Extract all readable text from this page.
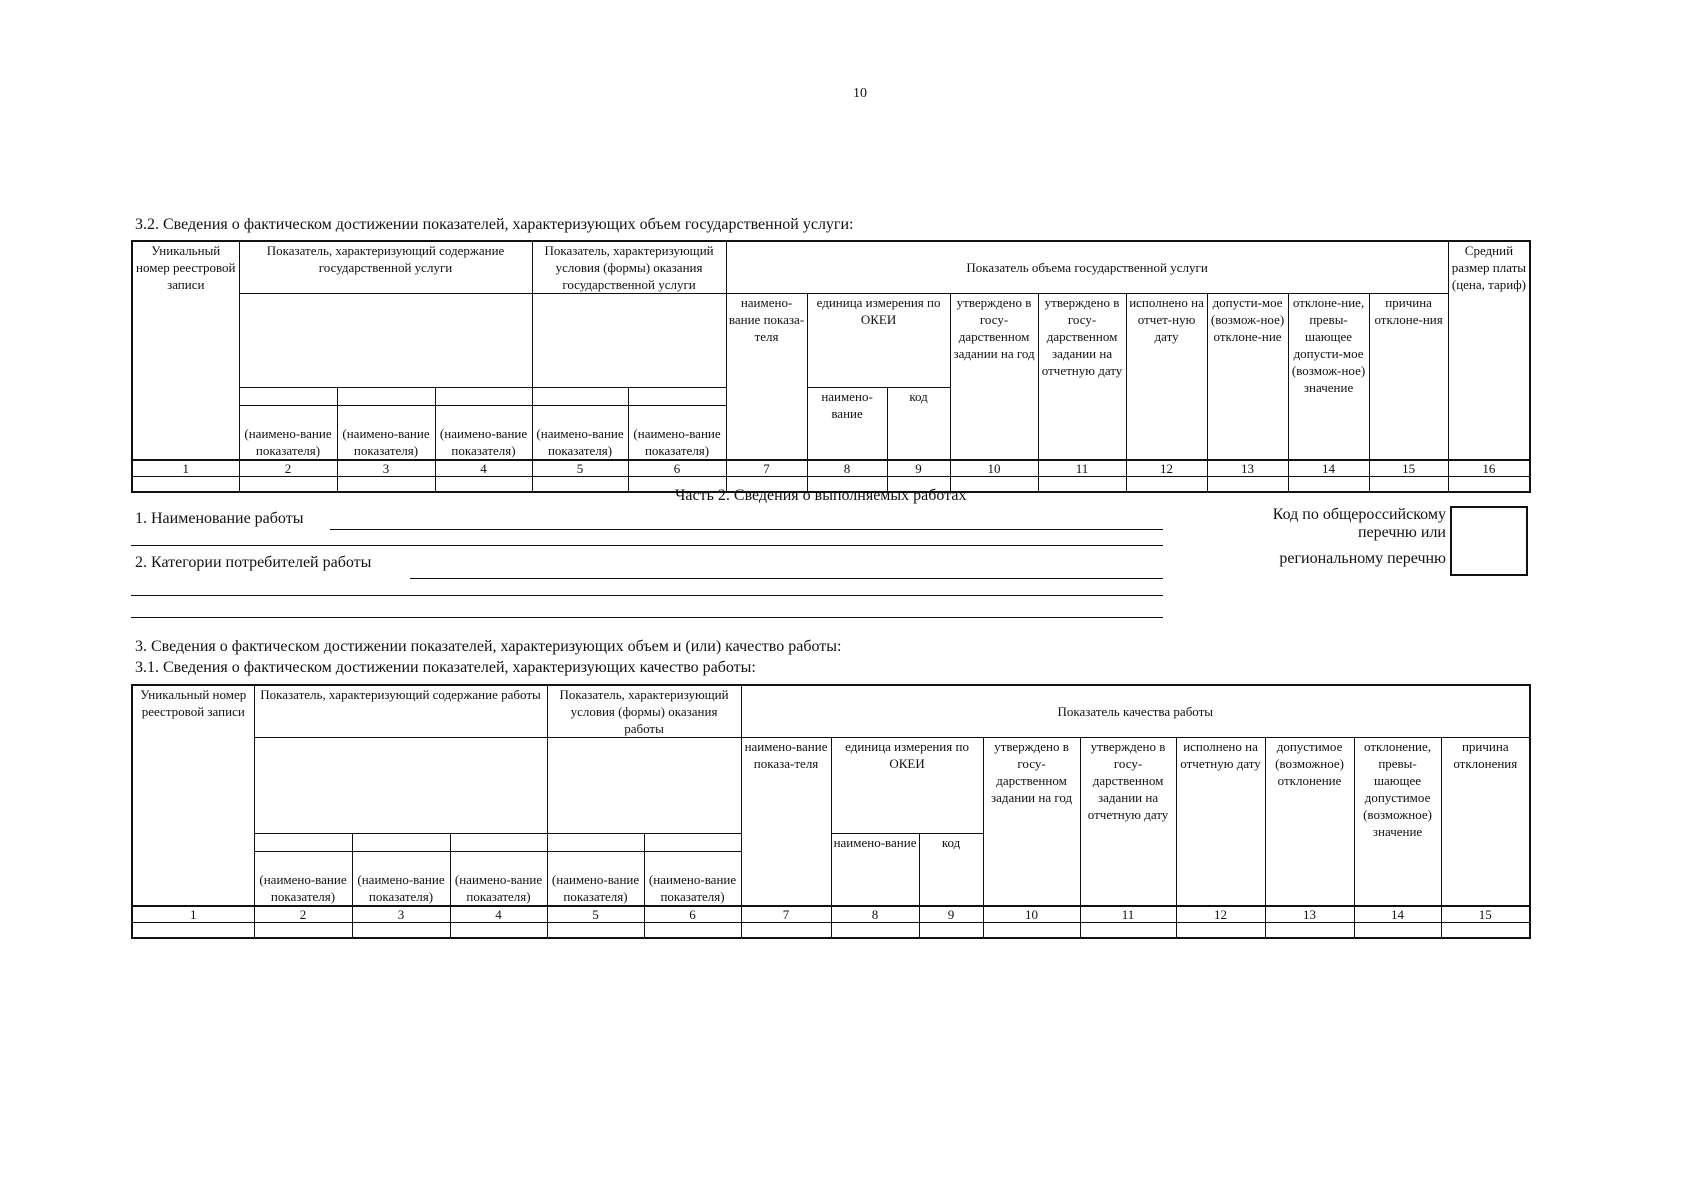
10
3.2. Сведения о фактическом достижении показателей, характеризующих объем государственной услуги:
Уникальный номер реестровой записи	Показатель, характеризующий содержание государственной услуги			Показатель, характеризующий условия (формы) оказания государственной услуги		Показатель объема государственной услуги									Средний размер платы (цена, тариф)
						наимено-вание показа-теля	единица измерения по ОКЕИ		утверждено в госу-дарственном задании на год	утверждено в госу-дарственном задании на отчетную дату	исполнено на отчет-ную дату	допусти-мое (возмож-ное) отклоне-ние	отклоне-ние, превы-шающее допусти-мое (возмож-ное) значение	причина отклоне-ния	
							наимено-вание	код							
	(наимено-вание показателя)	(наимено-вание показателя)	(наимено-вание показателя)	(наимено-вание показателя)	(наимено-вание показателя)										
1	2	3	4	5	6	7	8	9	10	11	12	13	14	15	16

Часть 2. Сведения о выполняемых работах
1. Наименование работы
2. Категории потребителей работы
Код по общероссийскому
перечню или
региональному перечню
3. Сведения о фактическом достижении показателей, характеризующих объем и (или) качество работы:
3.1. Сведения о фактическом достижении показателей, характеризующих качество работы:
Уникальный номер реестровой записи	Показатель, характеризующий содержание работы			Показатель, характеризующий условия (формы) оказания работы		Показатель качества работы								
						наимено-вание показа-теля	единица измерения по ОКЕИ		утверждено в госу-дарственном задании на год	утверждено в госу-дарственном задании на отчетную дату	исполнено на отчетную дату	допустимое (возможное) отклонение	отклонение, превы-шающее допустимое (возможное) значение	причина отклонения
							наимено-вание	код						
	(наимено-вание показателя)	(наимено-вание показателя)	(наимено-вание показателя)	(наимено-вание показателя)	(наимено-вание показателя)									
1	2	3	4	5	6	7	8	9	10	11	12	13	14	15
